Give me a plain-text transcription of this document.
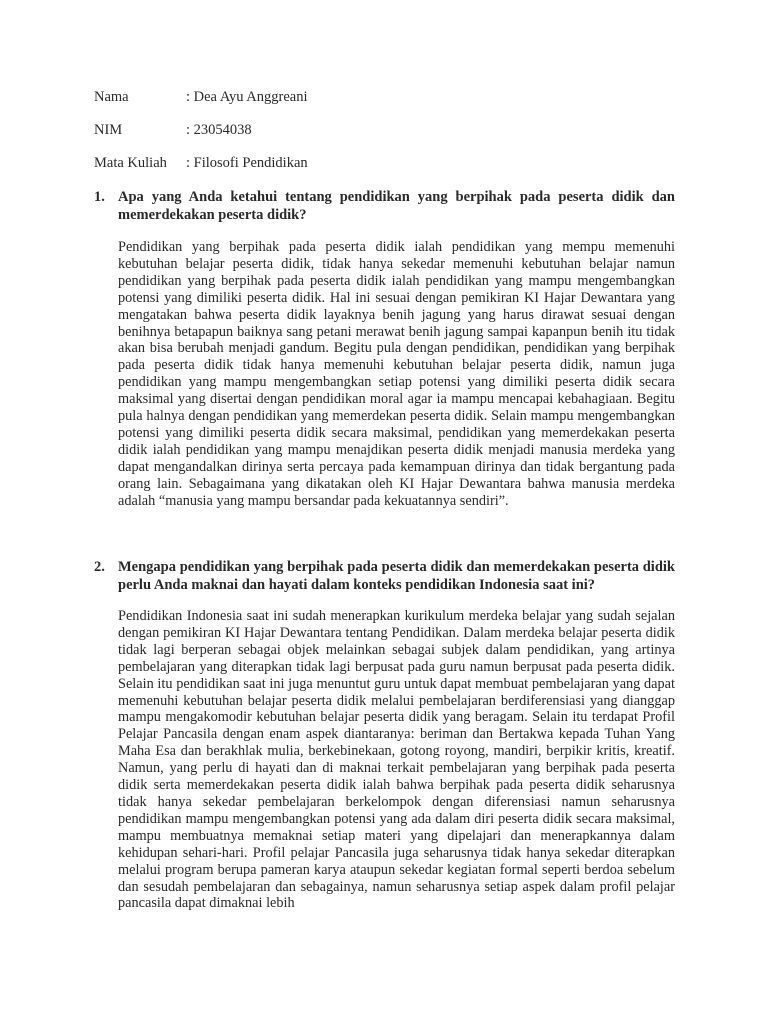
Nama	: Dea Ayu Anggreani
NIM	: 23054038
Mata Kuliah : Filosofi Pendidikan
1. Apa yang Anda ketahui tentang pendidikan yang berpihak pada peserta didik dan memerdekakan peserta didik?
Pendidikan yang berpihak pada peserta didik ialah pendidikan yang mempu memenuhi kebutuhan belajar peserta didik, tidak hanya sekedar memenuhi kebutuhan belajar namun pendidikan yang berpihak pada peserta didik ialah pendidikan yang mampu mengembangkan potensi yang dimiliki peserta didik. Hal ini sesuai dengan pemikiran KI Hajar Dewantara yang mengatakan bahwa peserta didik layaknya benih jagung yang harus dirawat sesuai dengan benihnya betapapun baiknya sang petani merawat benih jagung sampai kapanpun benih itu tidak akan bisa berubah menjadi gandum. Begitu pula dengan pendidikan, pendidikan yang berpihak pada peserta didik tidak hanya memenuhi kebutuhan belajar peserta didik, namun juga pendidikan yang mampu mengembangkan setiap potensi yang dimiliki peserta didik secara maksimal yang disertai dengan pendidikan moral agar ia mampu mencapai kebahagiaan. Begitu pula halnya dengan pendidikan yang memerdekan peserta didik. Selain mampu mengembangkan potensi yang dimiliki peserta didik secara maksimal, pendidikan yang memerdekakan peserta didik ialah pendidikan yang mampu menajdikan peserta didik menjadi manusia merdeka yang dapat mengandalkan dirinya serta percaya pada kemampuan dirinya dan tidak bergantung pada orang lain. Sebagaimana yang dikatakan oleh KI Hajar Dewantara bahwa manusia merdeka adalah “manusia yang mampu bersandar pada kekuatannya sendiri”.
2. Mengapa pendidikan yang berpihak pada peserta didik dan memerdekakan peserta didik perlu Anda maknai dan hayati dalam konteks pendidikan Indonesia saat ini?
Pendidikan Indonesia saat ini sudah menerapkan kurikulum merdeka belajar yang sudah sejalan dengan pemikiran KI Hajar Dewantara tentang Pendidikan. Dalam merdeka belajar peserta didik tidak lagi berperan sebagai objek melainkan sebagai subjek dalam pendidikan, yang artinya pembelajaran yang diterapkan tidak lagi berpusat pada guru namun berpusat pada peserta didik. Selain itu pendidikan saat ini juga menuntut guru untuk dapat membuat pembelajaran yang dapat memenuhi kebutuhan belajar peserta didik melalui pembelajaran berdiferensiasi yang dianggap mampu mengakomodir kebutuhan belajar peserta didik yang beragam. Selain itu terdapat Profil Pelajar Pancasila dengan enam aspek diantaranya: beriman dan Bertakwa kepada Tuhan Yang Maha Esa dan berakhlak mulia, berkebinekaan, gotong royong, mandiri, berpikir kritis, kreatif. Namun, yang perlu di hayati dan di maknai terkait pembelajaran yang berpihak pada peserta didik serta memerdekakan peserta didik ialah bahwa berpihak pada peserta didik seharusnya tidak hanya sekedar pembelajaran berkelompok dengan diferensiasi namun seharusnya pendidikan mampu mengembangkan potensi yang ada dalam diri peserta didik secara maksimal, mampu membuatnya memaknai setiap materi yang dipelajari dan menerapkannya dalam kehidupan sehari-hari. Profil pelajar Pancasila juga seharusnya tidak hanya sekedar diterapkan melalui program berupa pameran karya ataupun sekedar kegiatan formal seperti berdoa sebelum dan sesudah pembelajaran dan sebagainya, namun seharusnya setiap aspek dalam profil pelajar pancasila dapat dimaknai lebih
